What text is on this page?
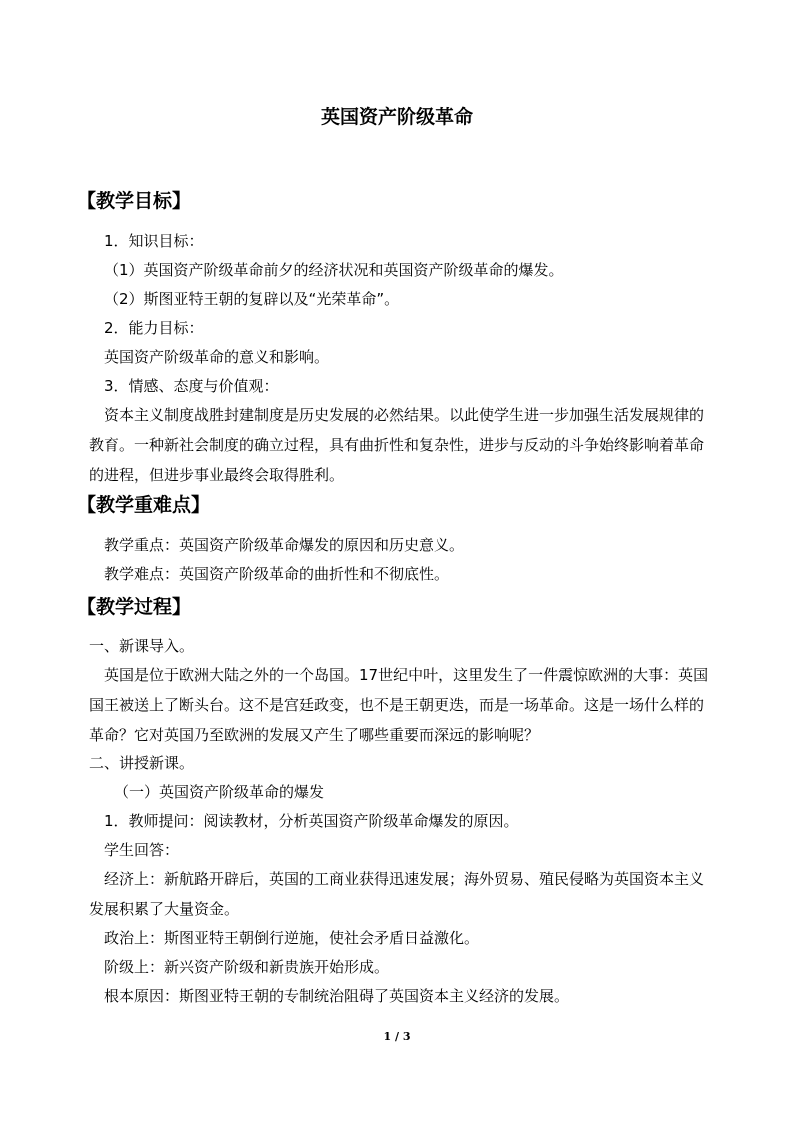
英国资产阶级革命
【教学目标】
1．知识目标：
（1）英国资产阶级革命前夕的经济状况和英国资产阶级革命的爆发。
（2）斯图亚特王朝的复辟以及“光荣革命”。
2．能力目标：
英国资产阶级革命的意义和影响。
3．情感、态度与价值观：
资本主义制度战胜封建制度是历史发展的必然结果。以此使学生进一步加强生活发展规律的教育。一种新社会制度的确立过程，具有曲折性和复杂性，进步与反动的斗争始终影响着革命的进程，但进步事业最终会取得胜利。
【教学重难点】
教学重点：英国资产阶级革命爆发的原因和历史意义。
教学难点：英国资产阶级革命的曲折性和不彻底性。
【教学过程】
一、新课导入。
英国是位于欧洲大陆之外的一个岛国。17世纪中叶，这里发生了一件震惊欧洲的大事：英国国王被送上了断头台。这不是宫廷政变，也不是王朝更迭，而是一场革命。这是一场什么样的革命？它对英国乃至欧洲的发展又产生了哪些重要而深远的影响呢？
二、讲授新课。
（一）英国资产阶级革命的爆发
1．教师提问：阅读教材，分析英国资产阶级革命爆发的原因。
学生回答：
经济上：新航路开辟后，英国的工商业获得迅速发展；海外贸易、殖民侵略为英国资本主义发展积累了大量资金。
政治上：斯图亚特王朝倒行逆施，使社会矛盾日益激化。
阶级上：新兴资产阶级和新贵族开始形成。
根本原因：斯图亚特王朝的专制统治阻碍了英国资本主义经济的发展。
1 / 3
